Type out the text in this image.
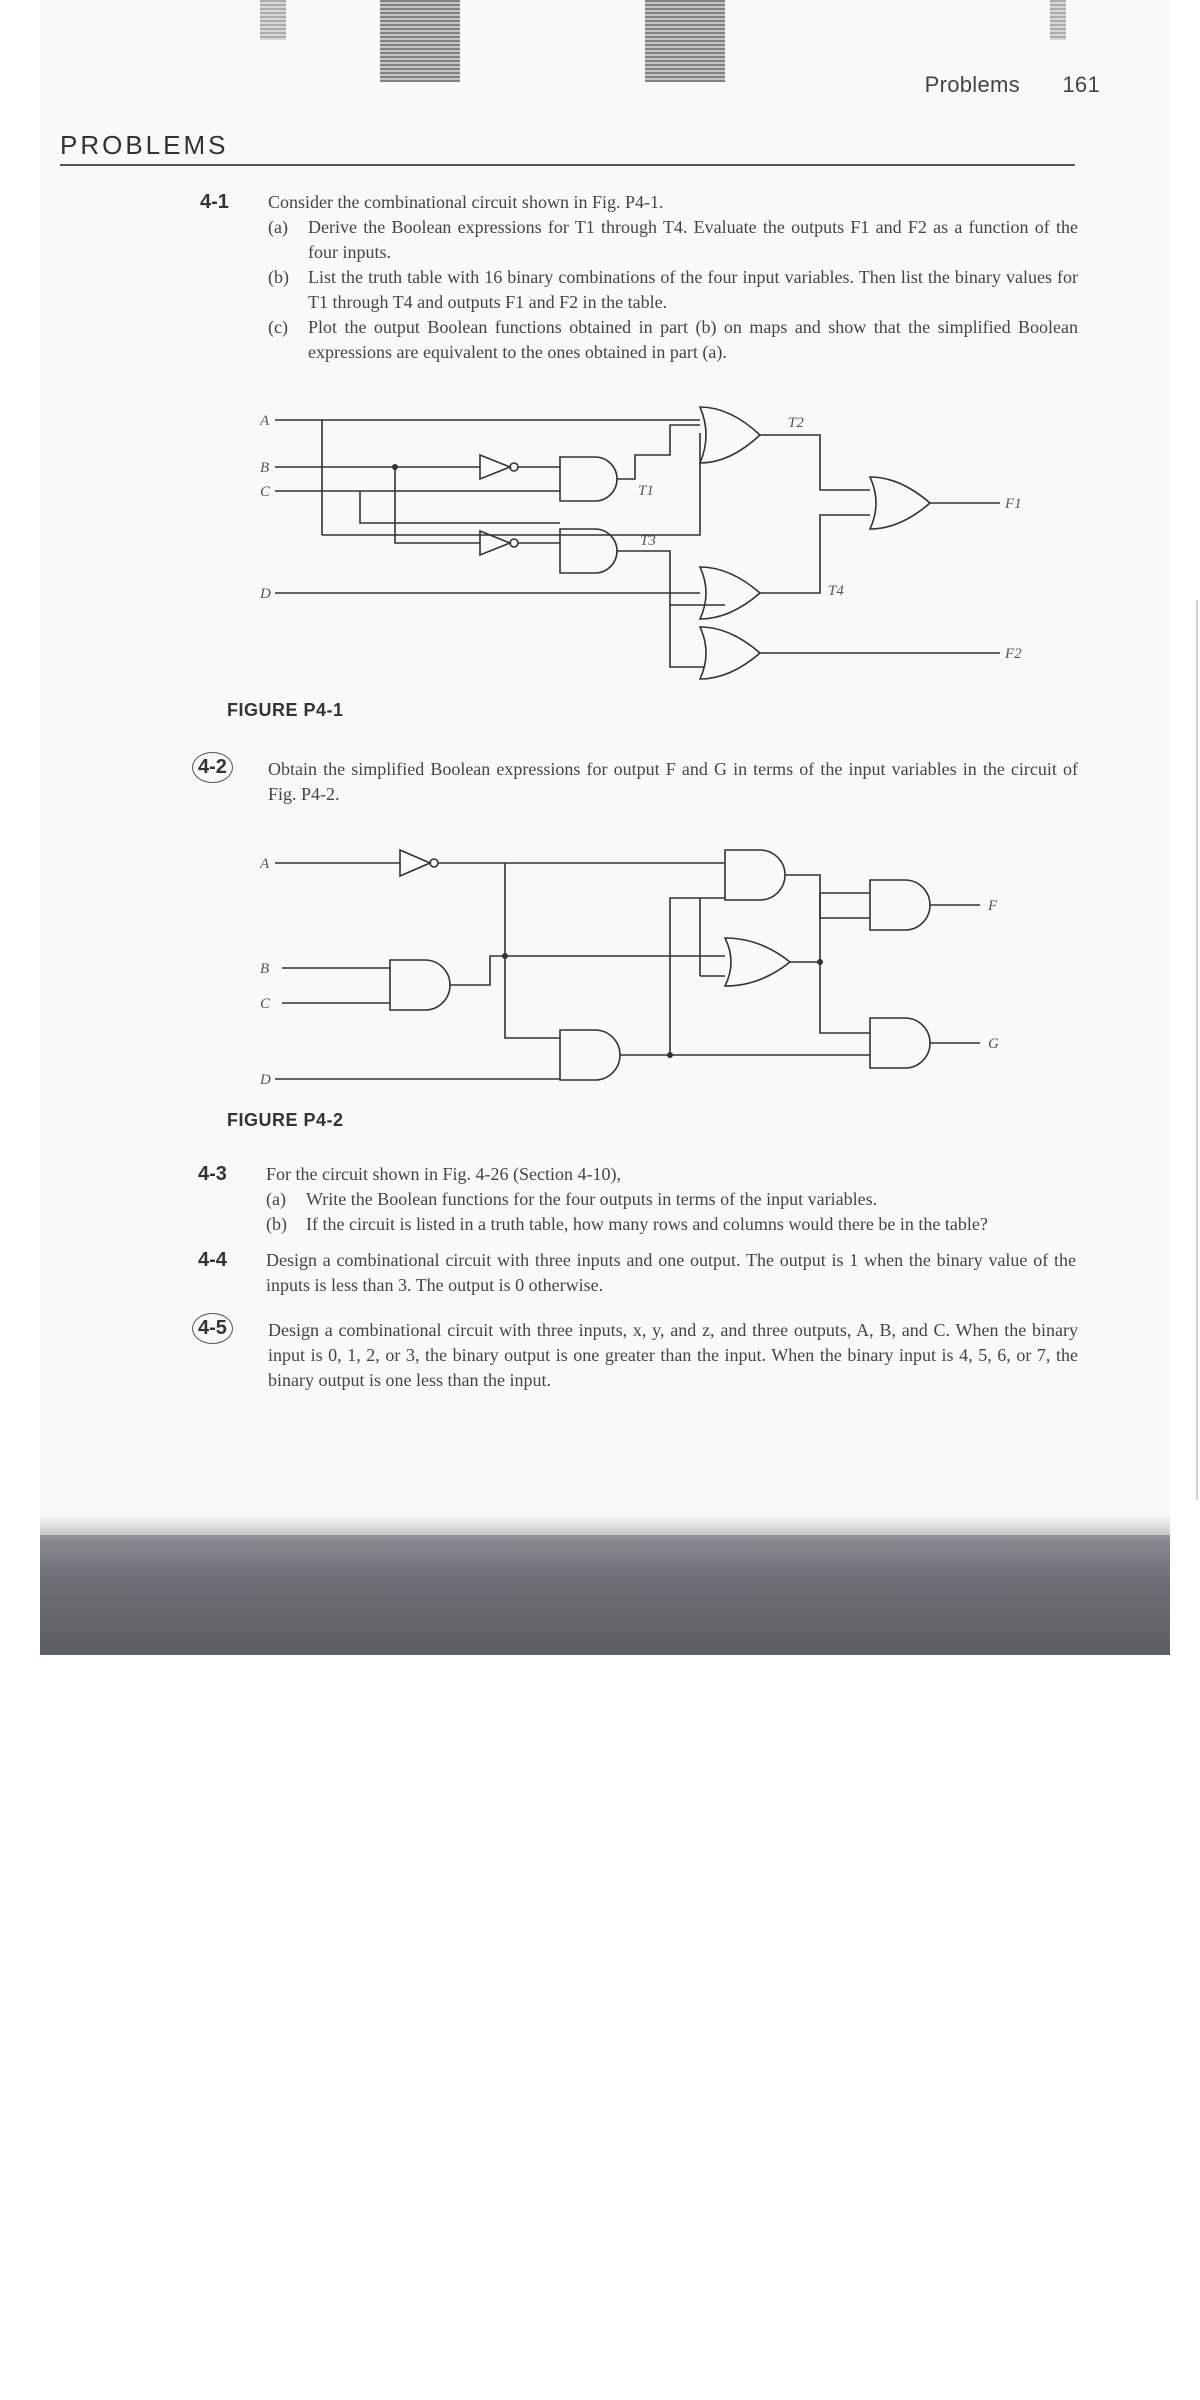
Problems 161
PROBLEMS
4-1 Consider the combinational circuit shown in Fig. P4-1.
(a)	Derive the Boolean expressions for T1 through T4. Evaluate the outputs F1 and F2 as a function of the four inputs.
(b)	List the truth table with 16 binary combinations of the four input variables. Then list the binary values for T1 through T4 and outputs F1 and F2 in the table.
(c)	Plot the output Boolean functions obtained in part (b) on maps and show that the simplified Boolean expressions are equivalent to the ones obtained in part (a).
A
B
C
D
T1
T3
T2
T4
F1
F2
FIGURE P4-1
4-2	Obtain the simplified Boolean expressions for output F and G in terms of the input variables in the circuit of Fig. P4-2.
A
B
C
D
F
G
FIGURE P4-2
4-3 For the circuit shown in Fig. 4-26 (Section 4-10),
(a)	Write the Boolean functions for the four outputs in terms of the input variables.
(b)	If the circuit is listed in a truth table, how many rows and columns would there be in the table?
4-4 Design a combinational circuit with three inputs and one output. The output is 1 when the binary value of the inputs is less than 3. The output is 0 otherwise.
4-5	Design a combinational circuit with three inputs, x, y, and z, and three outputs, A, B, and C. When the binary input is 0, 1, 2, or 3, the binary output is one greater than the input. When the binary input is 4, 5, 6, or 7, the binary output is one less than the input.
